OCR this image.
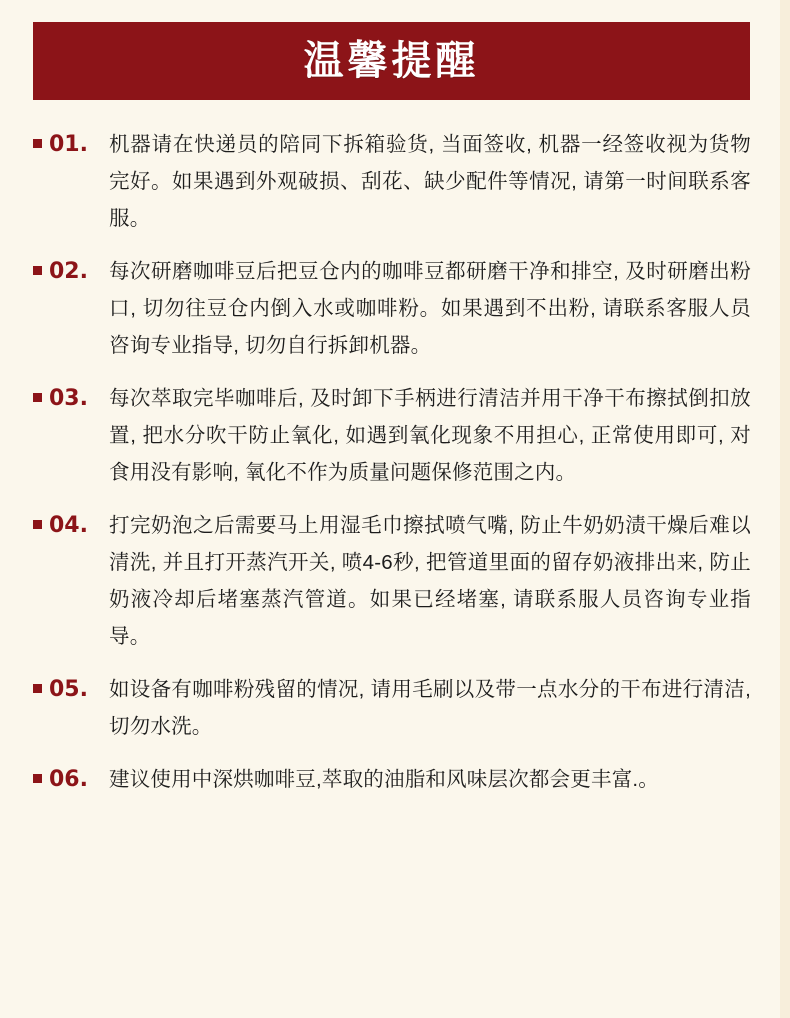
温馨提醒
01. 机器请在快递员的陪同下拆箱验货, 当面签收, 机器一经签收视为货物完好。如果遇到外观破损、刮花、缺少配件等情况, 请第一时间联系客服。
02. 每次研磨咖啡豆后把豆仓内的咖啡豆都研磨干净和排空, 及时研磨出粉口, 切勿往豆仓内倒入水或咖啡粉。如果遇到不出粉, 请联系客服人员咨询专业指导, 切勿自行拆卸机器。
03. 每次萃取完毕咖啡后, 及时卸下手柄进行清洁并用干净干布擦拭倒扣放置, 把水分吹干防止氧化, 如遇到氧化现象不用担心, 正常使用即可, 对食用没有影响, 氧化不作为质量问题保修范围之内。
04. 打完奶泡之后需要马上用湿毛巾擦拭喷气嘴, 防止牛奶奶渍干燥后难以清洗, 并且打开蒸汽开关, 喷4-6秒, 把管道里面的留存奶液排出来, 防止奶液冷却后堵塞蒸汽管道。如果已经堵塞, 请联系服人员咨询专业指导。
05. 如设备有咖啡粉残留的情况, 请用毛刷以及带一点水分的干布进行清洁, 切勿水洗。
06. 建议使用中深烘咖啡豆,萃取的油脂和风味层次都会更丰富.。
